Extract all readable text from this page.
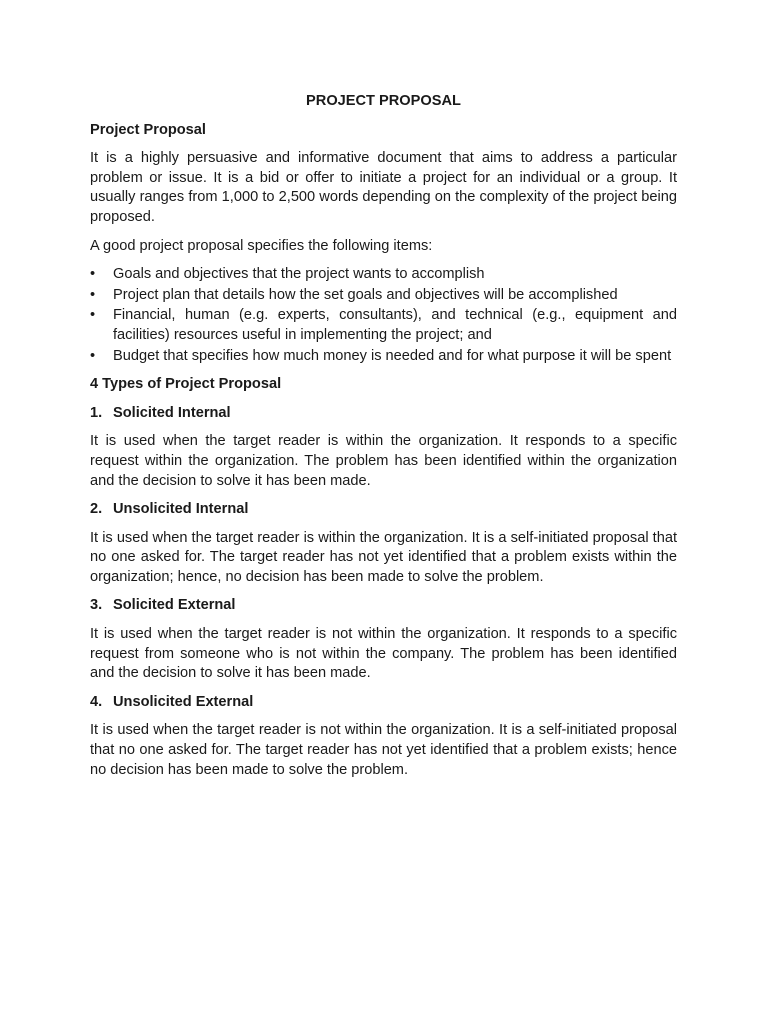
PROJECT PROPOSAL
Project Proposal

It is a highly persuasive and informative document that aims to address a particular problem or issue. It is a bid or offer to initiate a project for an individual or a group. It usually ranges from 1,000 to 2,500 words depending on the complexity of the project being proposed.

A good project proposal specifies the following items:

• Goals and objectives that the project wants to accomplish
• Project plan that details how the set goals and objectives will be accomplished
• Financial, human (e.g. experts, consultants), and technical (e.g., equipment and facilities) resources useful in implementing the project; and
• Budget that specifies how much money is needed and for what purpose it will be spent
4 Types of Project Proposal
1. Solicited Internal

It is used when the target reader is within the organization. It responds to a specific request within the organization. The problem has been identified within the organization and the decision to solve it has been made.

2. Unsolicited Internal

It is used when the target reader is within the organization. It is a self-initiated proposal that no one asked for. The target reader has not yet identified that a problem exists within the organization; hence, no decision has been made to solve the problem.

3. Solicited External

It is used when the target reader is not within the organization. It responds to a specific request from someone who is not within the company. The problem has been identified and the decision to solve it has been made.

4. Unsolicited External

It is used when the target reader is not within the organization. It is a self-initiated proposal that no one asked for. The target reader has not yet identified that a problem exists; hence no decision has been made to solve the problem.
